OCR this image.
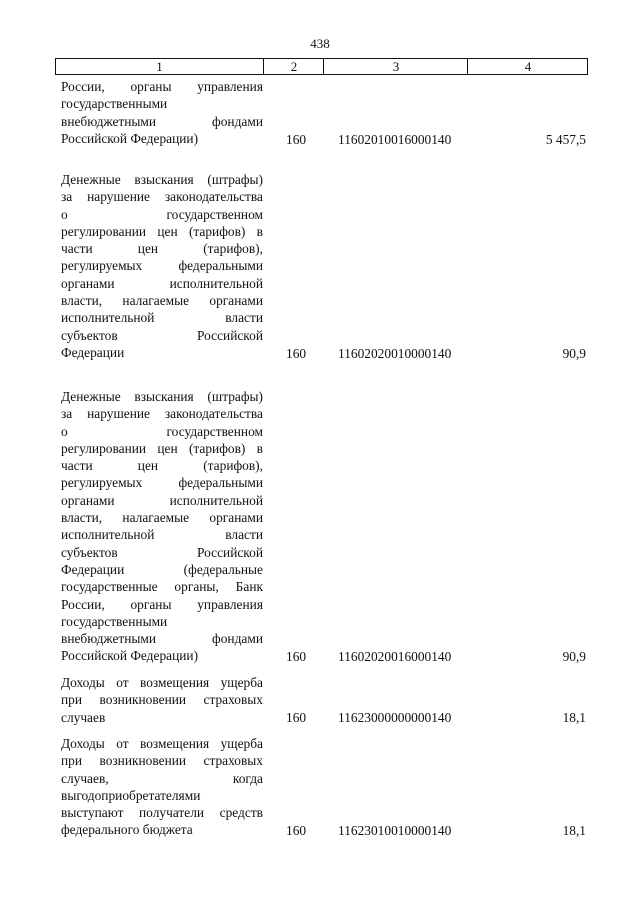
438
1	2	3	4
России, органы управления
государственными
внебюджетными фондами
Российской Федерации)	160	11602010016000140	5 457,5
Денежные взыскания (штрафы)
за нарушение законодательства
о государственном
регулировании цен (тарифов) в
части цен (тарифов),
регулируемых федеральными
органами исполнительной
власти, налагаемые органами
исполнительной власти
субъектов Российской
Федерации	160	11602020010000140	90,9
Денежные взыскания (штрафы)
за нарушение законодательства
о государственном
регулировании цен (тарифов) в
части цен (тарифов),
регулируемых федеральными
органами исполнительной
власти, налагаемые органами
исполнительной власти
субъектов Российской
Федерации (федеральные
государственные органы, Банк
России, органы управления
государственными
внебюджетными фондами
Российской Федерации)	160	11602020016000140	90,9
Доходы от возмещения ущерба
при возникновении страховых
случаев	160	11623000000000140	18,1
Доходы от возмещения ущерба
при возникновении страховых
случаев, когда
выгодоприобретателями
выступают получатели средств
федерального бюджета	160	11623010010000140	18,1
